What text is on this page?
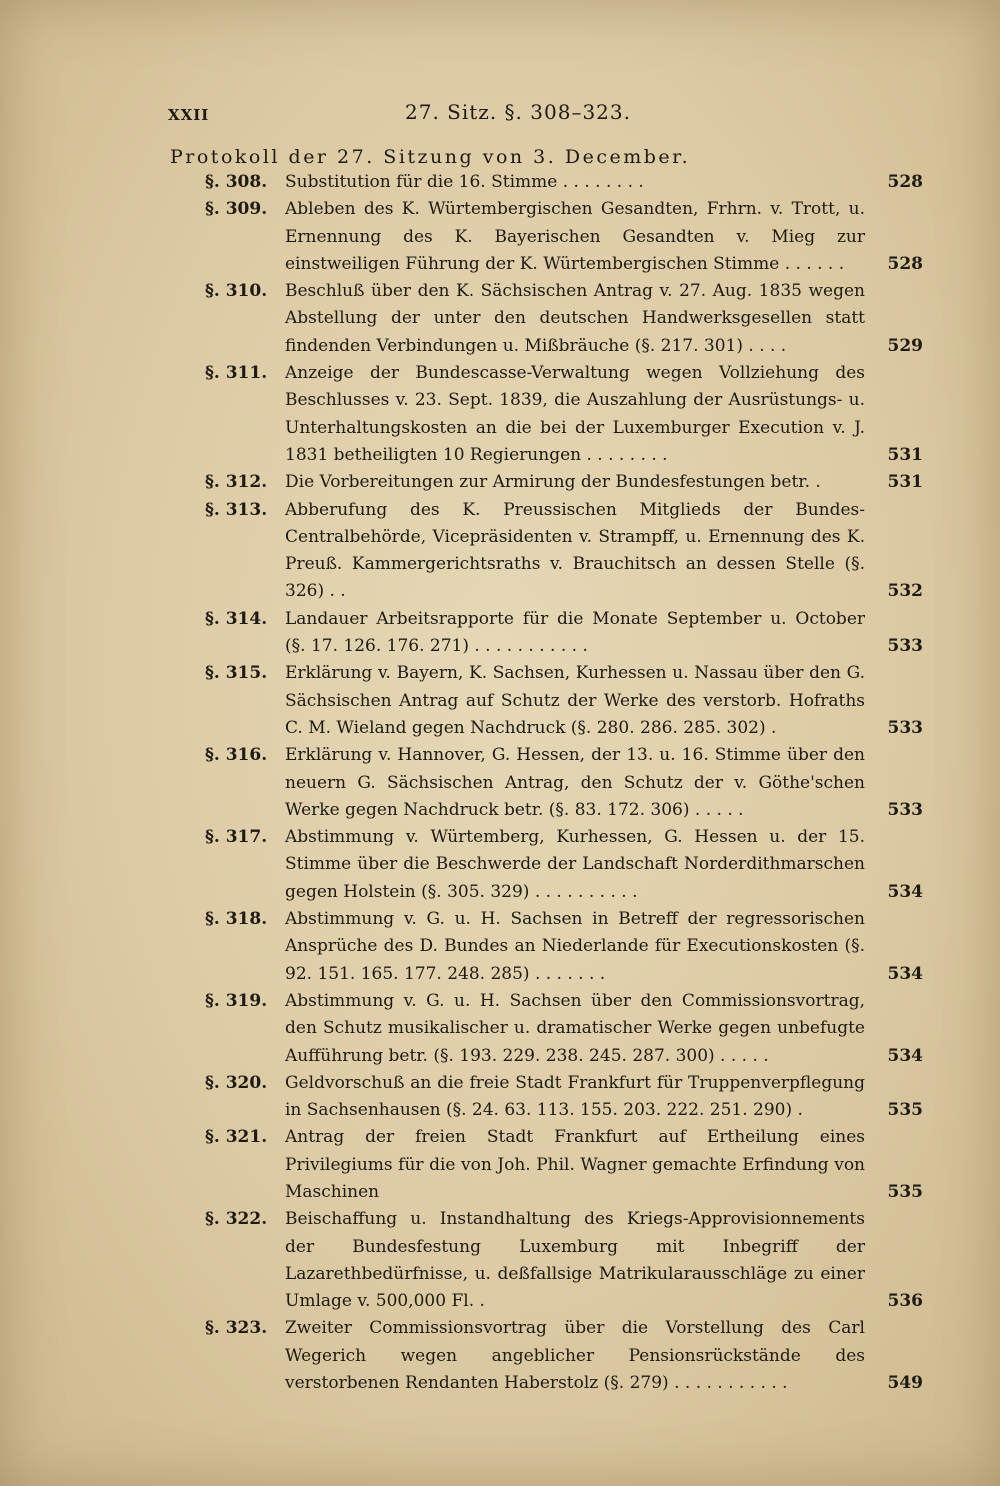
XXII	27. Sitz. §. 308–323.
Protokoll der 27. Sitzung von 3. December.
§. 308. Substitution für die 16. Stimme . . . . . . . .	528
§. 309. Ableben des K. Würtembergischen Gesandten, Frhrn. v. Trott, u. Ernennung des K. Bayerischen Gesandten v. Mieg zur einstweiligen Führung der K. Würtembergischen Stimme . . . . . .	528
§. 310. Beschluß über den K. Sächsischen Antrag v. 27. Aug. 1835 wegen Abstellung der unter den deutschen Handwerksgesellen statt findenden Verbindungen u. Mißbräuche (§. 217. 301) . . . .	529
§. 311. Anzeige der Bundescasse-Verwaltung wegen Vollziehung des Beschlusses v. 23. Sept. 1839, die Auszahlung der Ausrüstungs- u. Unterhaltungskosten an die bei der Luxemburger Execution v. J. 1831 betheiligten 10 Regierungen . . . . . . . .	531
§. 312. Die Vorbereitungen zur Armirung der Bundesfestungen betr. .	531
§. 313. Abberufung des K. Preussischen Mitglieds der Bundes-Centralbehörde, Vicepräsidenten v. Strampff, u. Ernennung des K. Preuß. Kammergerichtsraths v. Brauchitsch an dessen Stelle (§. 326) . .	532
§. 314. Landauer Arbeitsrapporte für die Monate September u. October (§. 17. 126. 176. 271) . . . . . . . . . . .	533
§. 315. Erklärung v. Bayern, K. Sachsen, Kurhessen u. Nassau über den G. Sächsischen Antrag auf Schutz der Werke des verstorb. Hofraths C. M. Wieland gegen Nachdruck (§. 280. 286. 285. 302) .	533
§. 316. Erklärung v. Hannover, G. Hessen, der 13. u. 16. Stimme über den neuern G. Sächsischen Antrag, den Schutz der v. Göthe'schen Werke gegen Nachdruck betr. (§. 83. 172. 306) . . . . .	533
§. 317. Abstimmung v. Würtemberg, Kurhessen, G. Hessen u. der 15. Stimme über die Beschwerde der Landschaft Norderdithmarschen gegen Holstein (§. 305. 329) . . . . . . . . . .	534
§. 318. Abstimmung v. G. u. H. Sachsen in Betreff der regressorischen Ansprüche des D. Bundes an Niederlande für Executionskosten (§. 92. 151. 165. 177. 248. 285) . . . . . . .	534
§. 319. Abstimmung v. G. u. H. Sachsen über den Commissionsvortrag, den Schutz musikalischer u. dramatischer Werke gegen unbefugte Aufführung betr. (§. 193. 229. 238. 245. 287. 300) . . . . .	534
§. 320. Geldvorschuß an die freie Stadt Frankfurt für Truppenverpflegung in Sachsenhausen (§. 24. 63. 113. 155. 203. 222. 251. 290) .	535
§. 321. Antrag der freien Stadt Frankfurt auf Ertheilung eines Privilegiums für die von Joh. Phil. Wagner gemachte Erfindung von Maschinen	535
§. 322. Beischaffung u. Instandhaltung des Kriegs-Approvisionnements der Bundesfestung Luxemburg mit Inbegriff der Lazarethbedürfnisse, u. deßfallsige Matrikularausschläge zu einer Umlage v. 500,000 Fl. .	536
§. 323. Zweiter Commissionsvortrag über die Vorstellung des Carl Wegerich wegen angeblicher Pensionsrückstände des verstorbenen Rendanten Haberstolz (§. 279) . . . . . . . . . . .	549
